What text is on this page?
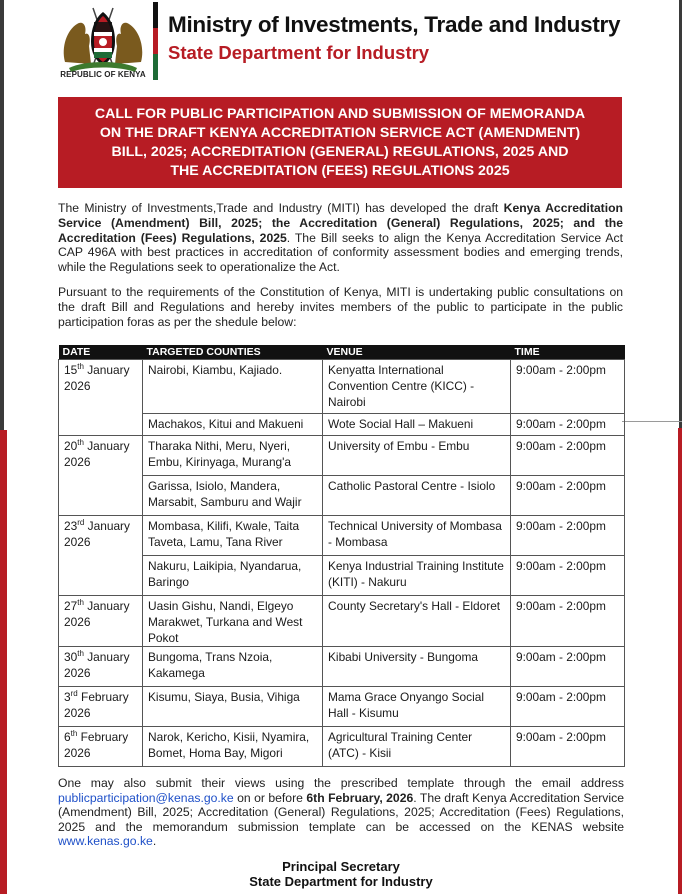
REPUBLIC OF KENYA
Ministry of Investments, Trade and Industry
State Department for Industry
CALL FOR PUBLIC PARTICIPATION AND SUBMISSION OF MEMORANDA
ON THE DRAFT KENYA ACCREDITATION SERVICE ACT (AMENDMENT)
BILL, 2025; ACCREDITATION (GENERAL) REGULATIONS, 2025 AND
THE ACCREDITATION (FEES) REGULATIONS 2025
The Ministry of Investments,Trade and Industry (MITI) has developed the draft Kenya Accreditation Service (Amendment) Bill, 2025; the Accreditation (General) Regulations, 2025; and the Accreditation (Fees) Regulations, 2025. The Bill seeks to align the Kenya Accreditation Service Act CAP 496A with best practices in accreditation of conformity assessment bodies and emerging trends, while the Regulations seek to operationalize the Act.
Pursuant to the requirements of the Constitution of Kenya, MITI is undertaking public consultations on the draft Bill and Regulations and hereby invites members of the public to participate in the public participation foras as per the shedule below:
DATE	TARGETED COUNTIES	VENUE	TIME
15th January
2026	Nairobi, Kiambu, Kajiado.	Kenyatta International Convention Centre (KICC) - Nairobi	9:00am - 2:00pm
	Machakos, Kitui and Makueni	Wote Social Hall – Makueni	9:00am - 2:00pm
20th January
2026	Tharaka Nithi, Meru, Nyeri, Embu, Kirinyaga, Murang'a	University of Embu - Embu	9:00am - 2:00pm
	Garissa, Isiolo, Mandera, Marsabit, Samburu and Wajir	Catholic Pastoral Centre - Isiolo	9:00am - 2:00pm
23rd January
2026	Mombasa, Kilifi, Kwale, Taita Taveta, Lamu, Tana River	Technical University of Mombasa - Mombasa	9:00am - 2:00pm
	Nakuru, Laikipia, Nyandarua, Baringo	Kenya Industrial Training Institute (KITI) - Nakuru	9:00am - 2:00pm
27th January
2026	Uasin Gishu, Nandi, Elgeyo Marakwet, Turkana and West Pokot	County Secretary's Hall - Eldoret	9:00am - 2:00pm
30th January
2026	Bungoma, Trans Nzoia, Kakamega	Kibabi University - Bungoma	9:00am - 2:00pm
3rd February
2026	Kisumu, Siaya, Busia, Vihiga	Mama Grace Onyango Social Hall - Kisumu	9:00am - 2:00pm
6th February
2026	Narok, Kericho, Kisii, Nyamira, Bomet, Homa Bay, Migori	Agricultural Training Center (ATC) - Kisii	9:00am - 2:00pm
One may also submit their views using the prescribed template through the email address publicparticipation@kenas.go.ke on or before 6th February, 2026. The draft Kenya Accreditation Service (Amendment) Bill, 2025; Accreditation (General) Regulations, 2025; Accreditation (Fees) Regulations, 2025 and the memorandum submission template can be accessed on the KENAS website www.kenas.go.ke.
Principal Secretary
State Department for Industry
